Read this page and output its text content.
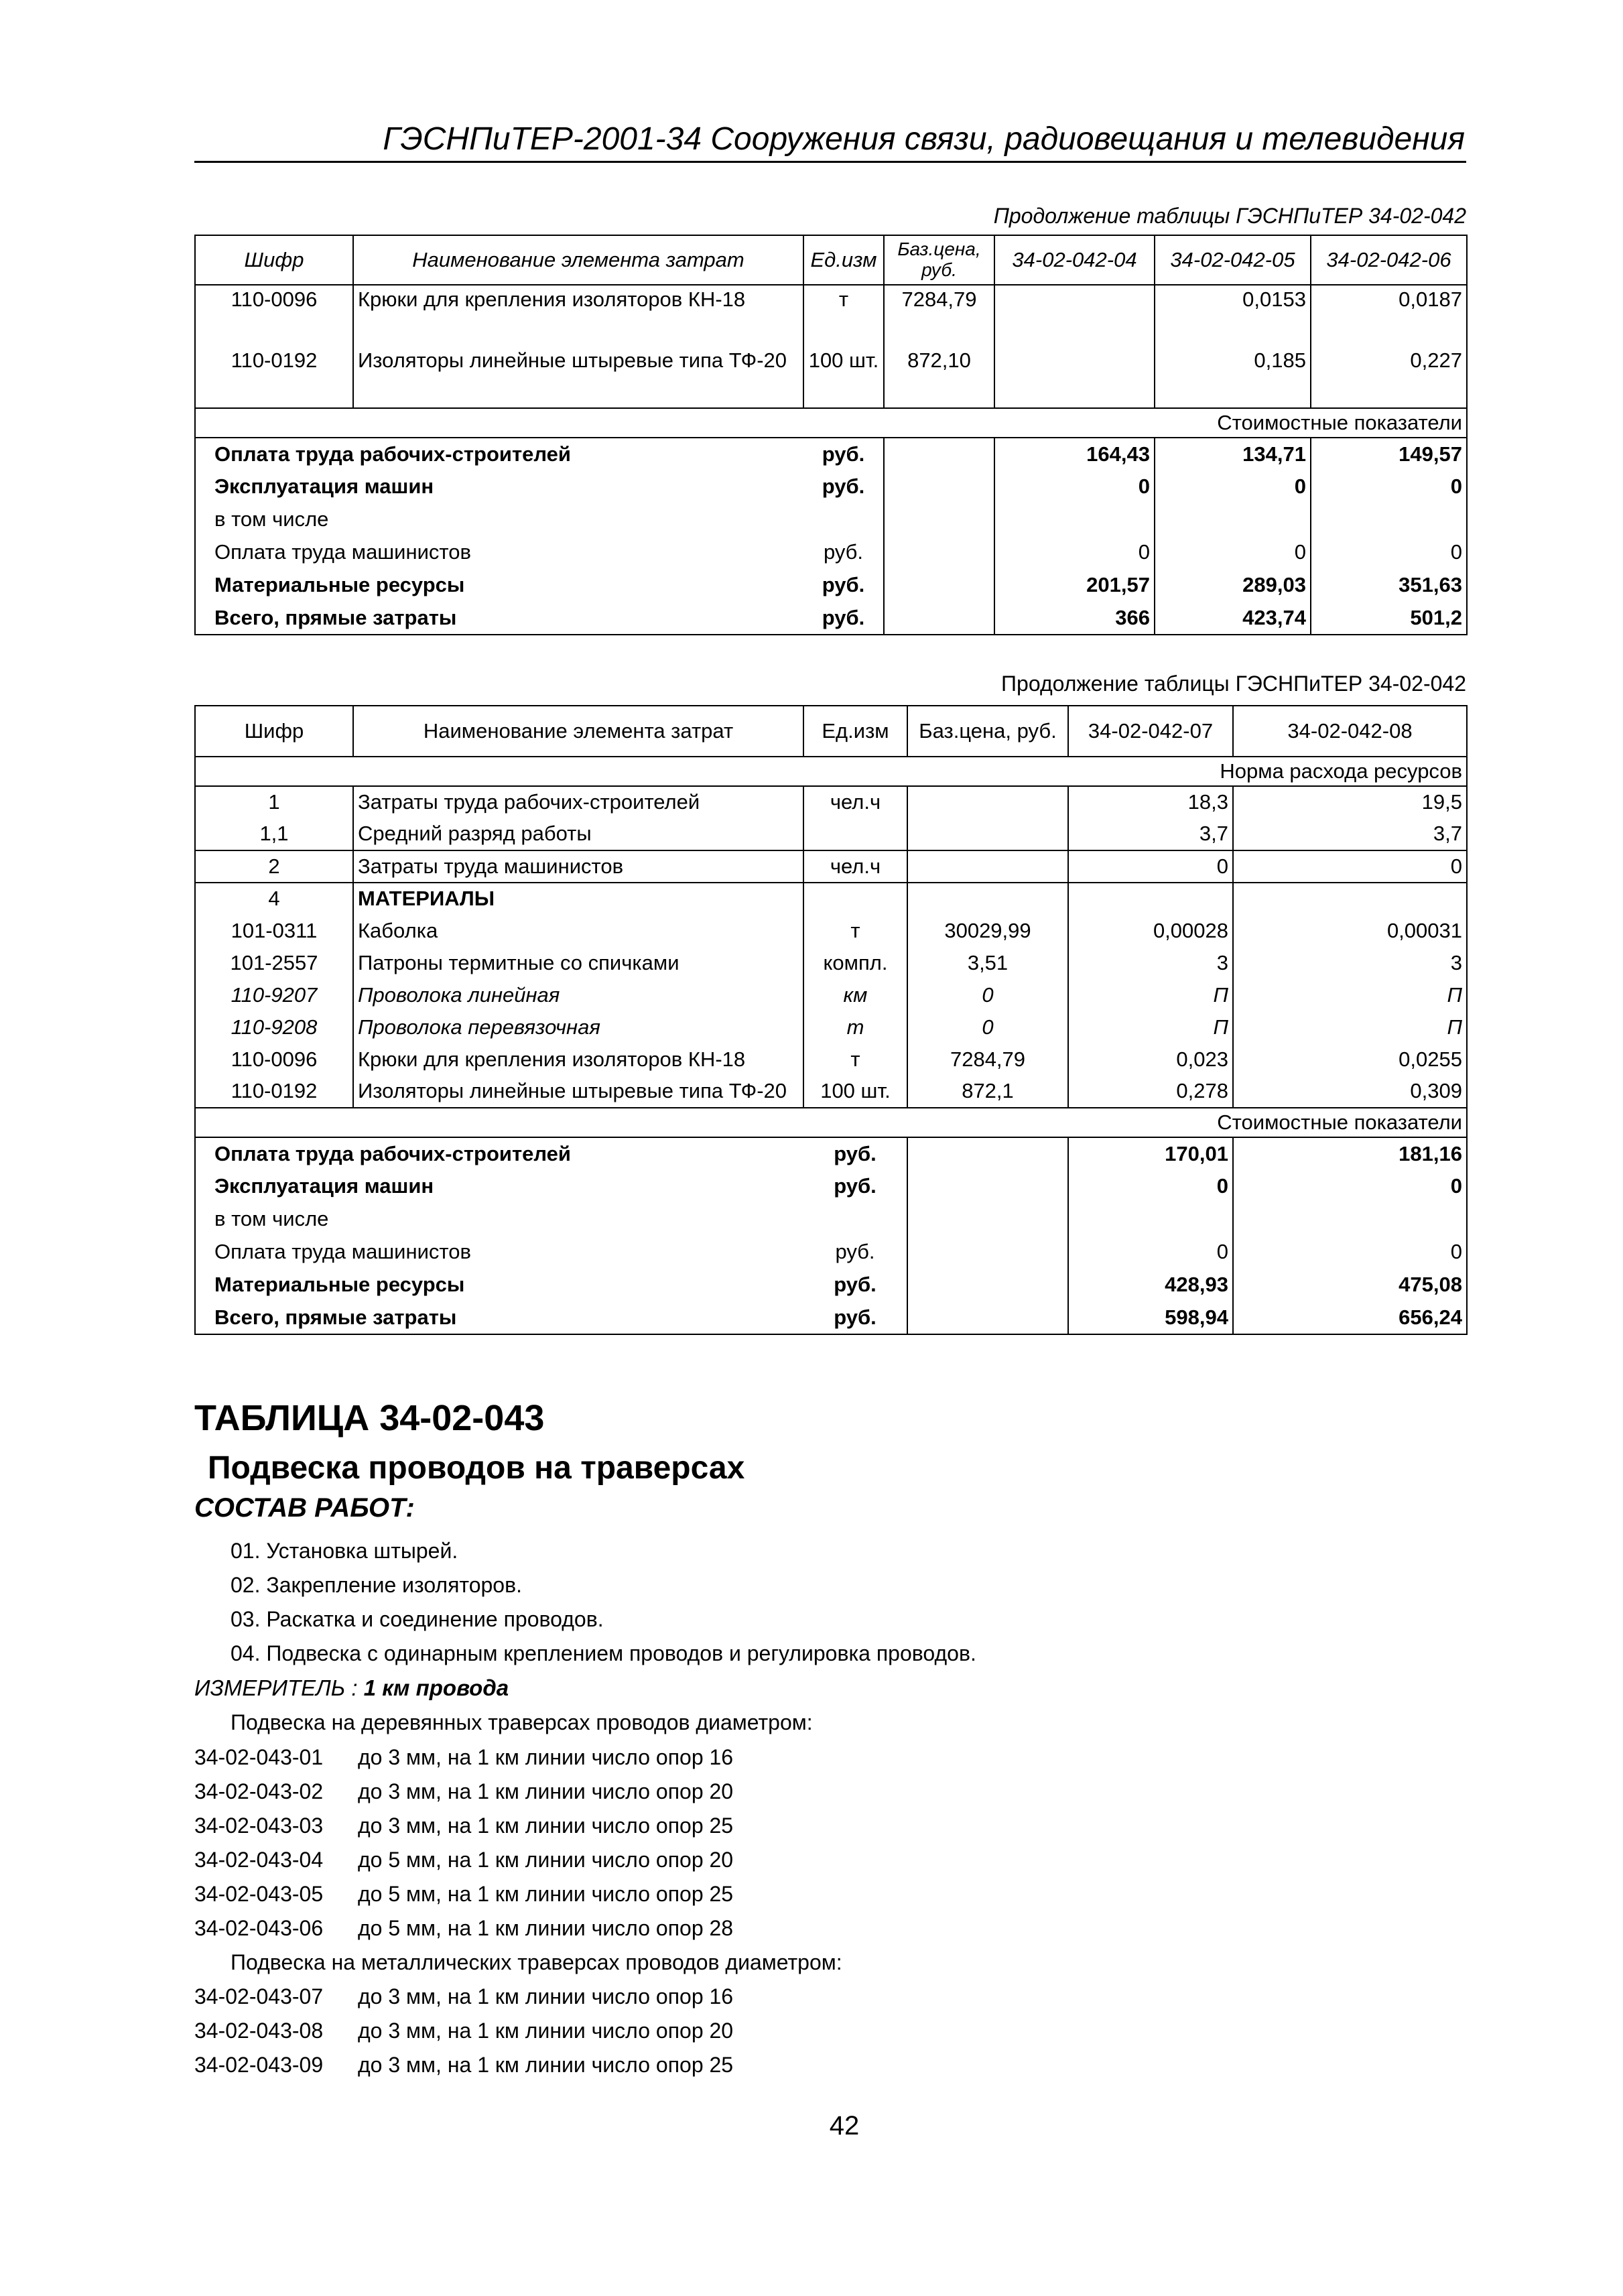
ГЭСНПиТЕР-2001-34 Сооружения связи, радиовещания и телевидения
Продолжение таблицы ГЭСНПиТЕР 34-02-042
Шифр	Наименование элемента затрат	Ед.изм	Баз.цена, руб.	34-02-042-04	34-02-042-05	34-02-042-06
110-0096	Крюки для крепления изоляторов КН-18	т	7284,79		0,0153	0,0187
110-0192	Изоляторы линейные штыревые типа ТФ-20	100 шт.	872,10		0,185	0,227
Стоимостные показатели						
Оплата труда рабочих-строителей		руб.		164,43	134,71	149,57
Эксплуатация машин		руб.		0	0	0
в том числе						
Оплата труда машинистов		руб.		0	0	0
Материальные ресурсы		руб.		201,57	289,03	351,63
Всего, прямые затраты		руб.		366	423,74	501,2
Продолжение таблицы ГЭСНПиТЕР 34-02-042
Шифр	Наименование элемента затрат	Ед.изм	Баз.цена, руб.	34-02-042-07	34-02-042-08
Норма расхода ресурсов					
1	Затраты труда рабочих-строителей	чел.ч		18,3	19,5
1,1	Средний разряд работы			3,7	3,7
2	Затраты труда машинистов	чел.ч		0	0
4	МАТЕРИАЛЫ				
101-0311	Каболка	т	30029,99	0,00028	0,00031
101-2557	Патроны термитные со спичками	компл.	3,51	3	3
110-9207	Проволока линейная	км	0	П	П
110-9208	Проволока перевязочная	т	0	П	П
110-0096	Крюки для крепления изоляторов КН-18	т	7284,79	0,023	0,0255
110-0192	Изоляторы линейные штыревые типа ТФ-20	100 шт.	872,1	0,278	0,309
Стоимостные показатели					
Оплата труда рабочих-строителей		руб.		170,01	181,16
Эксплуатация машин		руб.		0	0
в том числе					
Оплата труда машинистов		руб.		0	0
Материальные ресурсы		руб.		428,93	475,08
Всего, прямые затраты		руб.		598,94	656,24
ТАБЛИЦА 34-02-043
Подвеска проводов на траверсах
СОСТАВ РАБОТ:
01. Установка штырей.
02. Закрепление изоляторов.
03. Раскатка и соединение проводов.
04. Подвеска с одинарным креплением проводов и регулировка проводов.
ИЗМЕРИТЕЛЬ : 1 км провода
Подвеска на деревянных траверсах проводов диаметром:
34-02-043-01 до 3 мм, на 1 км линии число опор 16
34-02-043-02 до 3 мм, на 1 км линии число опор 20
34-02-043-03 до 3 мм, на 1 км линии число опор 25
34-02-043-04 до 5 мм, на 1 км линии число опор 20
34-02-043-05 до 5 мм, на 1 км линии число опор 25
34-02-043-06 до 5 мм, на 1 км линии число опор 28
Подвеска на металлических траверсах проводов диаметром:
34-02-043-07 до 3 мм, на 1 км линии число опор 16
34-02-043-08 до 3 мм, на 1 км линии число опор 20
34-02-043-09 до 3 мм, на 1 км линии число опор 25
42
